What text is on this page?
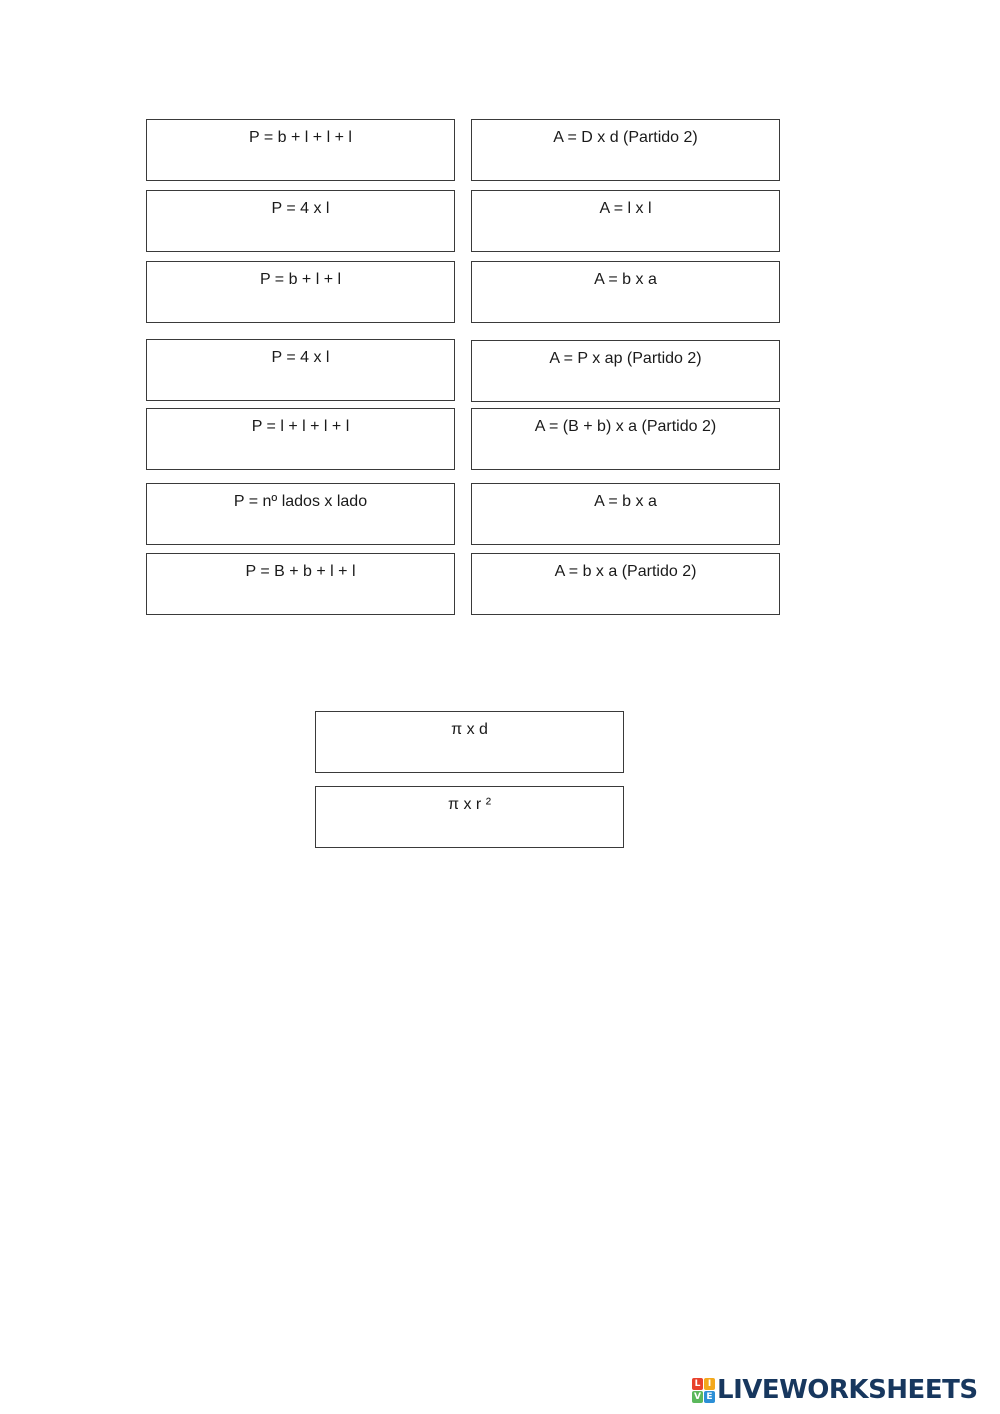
P = b + l + l + l
P = 4 x l
P = b + l + l
P = 4 x l
P = l + l + l + l
P = nº lados x lado
P = B + b + l + l
A = D x d (Partido 2)
A = l x l
A = b x a
A = P x ap (Partido 2)
A = (B + b) x a (Partido 2)
A = b x a
A = b x a (Partido 2)
π x d
π x r ²
L I
V E LIVEWORKSHEETS
